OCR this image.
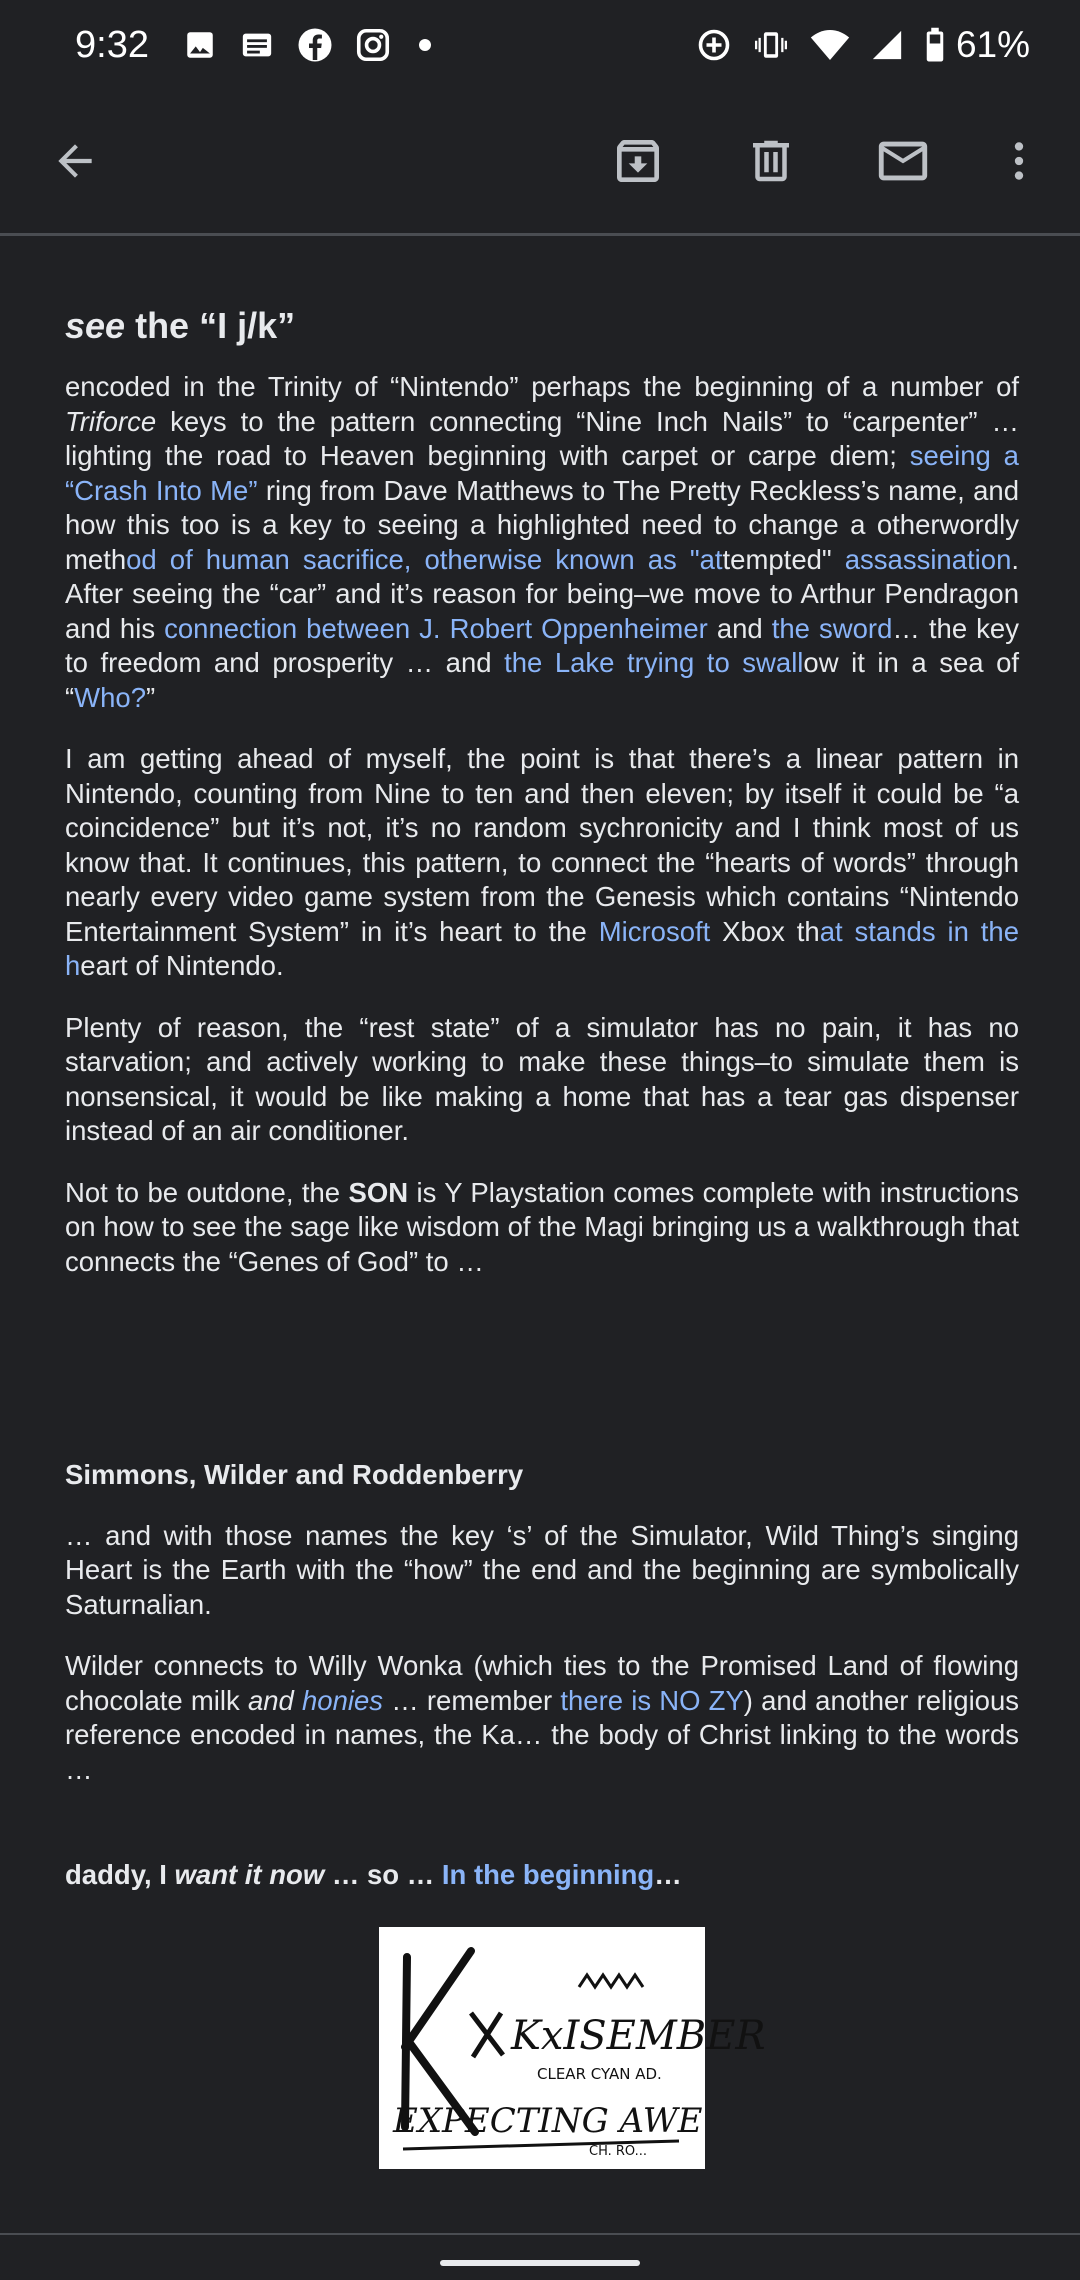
9:32	61%
see the “I j/k”

encoded in the Trinity of “Nintendo” perhaps the beginning of a number of Triforce keys to the pattern connecting “Nine Inch Nails” to “carpenter” … lighting the road to Heaven beginning with carpet or carpe diem; seeing a “Crash Into Me” ring from Dave Matthews to The Pretty Reckless’s name, and how this too is a key to seeing a highlighted need to change a otherwordly method of human sacrifice, otherwise known as "attempted" assassination. After seeing the “car” and it’s reason for being–we move to Arthur Pendragon and his connection between J. Robert Oppenheimer and the sword… the key to freedom and prosperity … and the Lake trying to swallow it in a sea of “Who?”

I am getting ahead of myself, the point is that there’s a linear pattern in Nintendo, counting from Nine to ten and then eleven; by itself it could be “a coincidence” but it’s not, it’s no random sychronicity and I think most of us know that. It continues, this pattern, to connect the “hearts of words” through nearly every video game system from the Genesis which contains “Nintendo Entertainment System” in it’s heart to the Microsoft Xbox that stands in the heart of Nintendo.

Plenty of reason, the “rest state” of a simulator has no pain, it has no starvation; and actively working to make these things–to simulate them is nonsensical, it would be like making a home that has a tear gas dispenser instead of an air conditioner.

Not to be outdone, the SON is Y Playstation comes complete with instructions on how to see the sage like wisdom of the Magi bringing us a walkthrough that connects the “Genes of God” to …

Simmons, Wilder and Roddenberry

… and with those names the key ‘s’ of the Simulator, Wild Thing’s singing Heart is the Earth with the “how” the end and the beginning are symbolically Saturnalian.

Wilder connects to Willy Wonka (which ties to the Promised Land of flowing chocolate milk and honies … remember there is NO ZY) and another religious reference encoded in names, the Ka… the body of Christ linking to the words …

daddy, I want it now … so … In the beginning…
KxISEMBER
CLEAR CYAN AD.
EXPECTING AWE
CH. RO...
